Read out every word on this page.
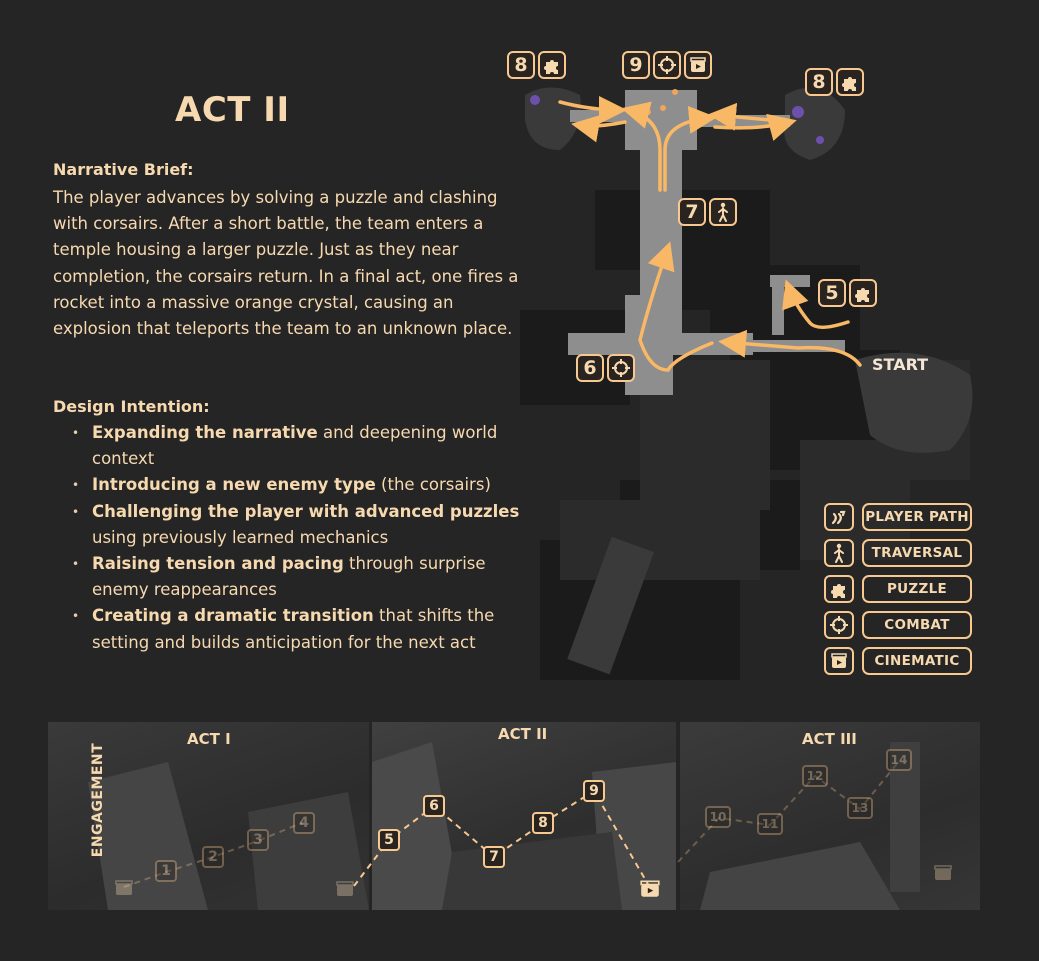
ACT II
Narrative Brief:
The player advances by solving a puzzle and clashing with corsairs. After a short battle, the team enters a temple housing a larger puzzle. Just as they near completion, the corsairs return. In a final act, one fires a rocket into a massive orange crystal, causing an explosion that teleports the team to an unknown place.
Design Intention:
• Expanding the narrative and deepening world context
• Introducing a new enemy type (the corsairs)
• Challenging the player with advanced puzzles using previously learned mechanics
• Raising tension and pacing through surprise enemy reappearances
• Creating a dramatic transition that shifts the setting and builds anticipation for the next act
8	9
8
7
5
6	START
PLAYER PATH
TRAVERSAL
PUZZLE
COMBAT
CINEMATIC
ENGAGEMENT
ACT I	ACT II	ACT III
1
2
3
4
5
6
7
8
9
10	11
12
13
14
